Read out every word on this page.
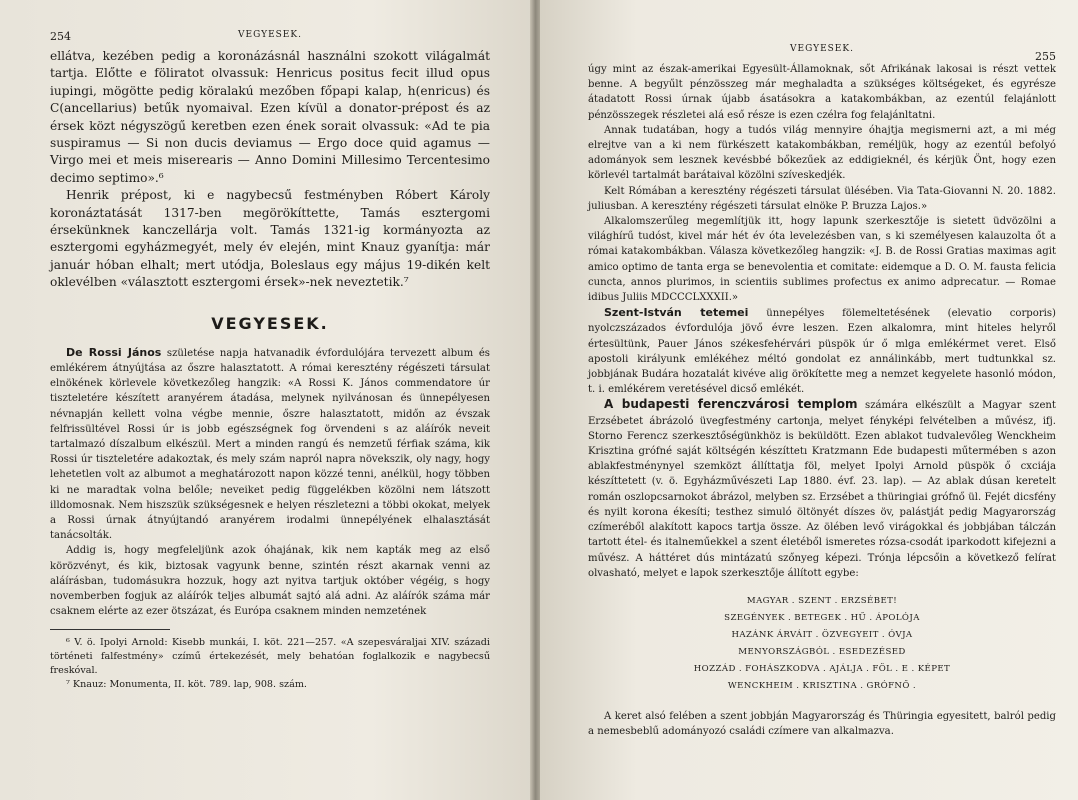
254	VEGYESEK.

ellátva, kezében pedig a koronázásnál használni szokott világalmát tartja. Előtte e föliratot olvassuk: Henricus positus fecit illud opus iupingi, mögötte pedig köralakú mezőben főpapi kalap, h(enricus) és C(ancellarius) betűk nyomaival. Ezen kívül a donator-prépost és az érsek közt négyszögű keretben ezen ének sorait olvassuk: «Ad te pia suspiramus — Si non ducis deviamus — Ergo doce quid agamus — Virgo mei et meis miserearis — Anno Domini Millesimo Tercentesimo decimo septimo».⁶

Henrik prépost, ki e nagybecsű festményben Róbert Károly koronáztatását 1317-ben megörökíttette, Tamás esztergomi érsekünknek kanczellárja volt. Tamás 1321-ig kormányozta az esztergomi egyházmegyét, mely év elején, mint Knauz gyanítja: már január hóban elhalt; mert utódja, Boleslaus egy május 19-dikén kelt oklevélben «választott esztergomi érsek»-nek neveztetik.⁷

VEGYESEK.

De Rossi János születése napja hatvanadik évfordulójára tervezett album és emlékérem átnyújtása az őszre halasztatott. A római keresztény régészeti társulat elnökének körlevele következőleg hangzik: «A Rossi K. János commendatore úr tiszteletére készített aranyérem átadása, melynek nyilvánosan és ünnepélyesen névnapján kellett volna végbe mennie, őszre halasztatott, midőn az évszak felfrissültével Rossi úr is jobb egészségnek fog örvendeni s az aláírók neveit tartalmazó díszalbum elkészül. Mert a minden rangú és nemzetű férfiak száma, kik Rossi úr tiszteletére adakoztak, és mely szám napról napra növekszik, oly nagy, hogy lehetetlen volt az albumot a meghatározott napon közzé tenni, anélkül, hogy többen ki ne maradtak volna belőle; neveiket pedig függelékben közölni nem látszott illdomosnak. Nem hiszszük szükségesnek e helyen részletezni a többi okokat, melyek a Rossi úrnak átnyújtandó aranyérem irodalmi ünnepélyének elhalasztását tanácsolták.

Addig is, hogy megfeleljünk azok óhajának, kik nem kapták meg az első körözvényt, és kik, biztosak vagyunk benne, szintén részt akarnak venni az aláírásban, tudomásukra hozzuk, hogy azt nyitva tartjuk október végéig, s hogy novemberben fogjuk az aláírók teljes albumát sajtó alá adni. Az aláírók száma már csaknem elérte az ezer ötszázat, és Európa csaknem minden nemzetének

⁶ V. ö. Ipolyi Arnold: Kisebb munkái, I. köt. 221—257. «A szepesváraljai XIV. századi történeti falfestmény» czímű értekezését, mely behatóan foglalkozik e nagybecsű freskóval.

⁷ Knauz: Monumenta, II. köt. 789. lap, 908. szám.

VEGYESEK.
255

úgy mint az észak-amerikai Egyesült-Államoknak, sőt Afrikának lakosai is részt vettek benne. A begyűlt pénzösszeg már meghaladta a szükséges költségeket, és egyrésze átadatott Rossi úrnak újabb ásatásokra a katakombákban, az ezentúl felajánlott pénzösszegek részletei alá eső része is ezen czélra fog felajánltatni.

Annak tudatában, hogy a tudós világ mennyire óhajtja megismerni azt, a mi még elrejtve van a ki nem fürkészett katakombákban, reméljük, hogy az ezentúl befolyó adományok sem lesznek kevésbbé bőkezűek az eddigieknél, és kérjük Önt, hogy ezen körlevél tartalmát barátaival közölni szíveskedjék.

Kelt Rómában a keresztény régészeti társulat ülésében. Via Tata-Giovanni N. 20. 1882. juliusban. A keresztény régészeti társulat elnöke P. Bruzza Lajos.»

Alkalomszerűleg megemlítjük itt, hogy lapunk szerkesztője is sietett üdvözölni a világhírű tudóst, kivel már hét év óta levelezésben van, s ki személyesen kalauzolta őt a római katakombákban. Válasza következőleg hangzik: «J. B. de Rossi Gratias maximas agit amico optimo de tanta erga se benevolentia et comitate: eidemque a D. O. M. fausta felicia cuncta, annos plurimos, in scientiis sublimes profectus ex animo adprecatur. — Romae idibus Juliis MDCCCLXXXII.»

Szent-István tetemei ünnepélyes fölemeltetésének (elevatio corporis) nyolczszázados évfordulója jövő évre leszen. Ezen alkalomra, mint hiteles helyről értesültünk, Pauer János székesfehérvári püspök úr ő mlga emlékérmet veret. Első apostoli királyunk emlékéhez méltó gondolat ez annálinkább, mert tudtunkkal sz. jobbjának Budára hozatalát kivéve alig örökítette meg a nemzet kegyelete hasonló módon, t. i. emlékérem veretésével dicső emlékét.

A budapesti ferenczvárosi templom számára elkészült a Magyar szent Erzsébetet ábrázoló üvegfestmény cartonja, melyet fényképi felvételben a művész, ifj. Storno Ferencz szerkesztőségünkhöz is beküldött. Ezen ablakot tudvalevőleg Wenckheim Krisztina grófné saját költségén készíttetı Kratzmann Ede budapesti műtermében s azon ablakfestménynyel szemközt állíttatja föl, melyet Ipolyi Arnold püspök ő cxciája készíttetett (v. ö. Egyházművészeti Lap 1880. évf. 23. lap). — Az ablak dúsan keretelt román oszlopcsarnokot ábrázol, melyben sz. Erzsébet a thüringiai grófnő ül. Fejét dicsfény és nyilt korona ékesíti; testhez simuló öltönyét díszes öv, palástját pedig Magyarország czímeréből alakított kapocs tartja össze. Az ölében levő virágokkal és jobbjában tálczán tartott étel- és italneműekkel a szent életéből ismeretes rózsa-csodát iparkodott kifejezni a művész. A háttéret dús mintázatú szőnyeg képezi. Trónja lépcsőin a következő felírat olvasható, melyet e lapok szerkesztője állított egybe:

MAGYAR . SZENT . ERZSÉBET!
SZEGÉNYEK . BETEGEK . HŰ . ÁPOLÓJA
HAZÁNK ÁRVÁIT . ÖZVEGYEIT . ÓVJA
MENYORSZÁGBÓL . ESEDEZÉSED
HOZZÁD . FOHÁSZKODVA . AJÁLJA . FÖL . E . KÉPET
WENCKHEIM . KRISZTINA . GRÓFNŐ .

A keret alsó felében a szent jobbján Magyarország és Thüringia egyesitett, balról pedig a nemesbeblű adományozó családi czímere van alkalmazva.
